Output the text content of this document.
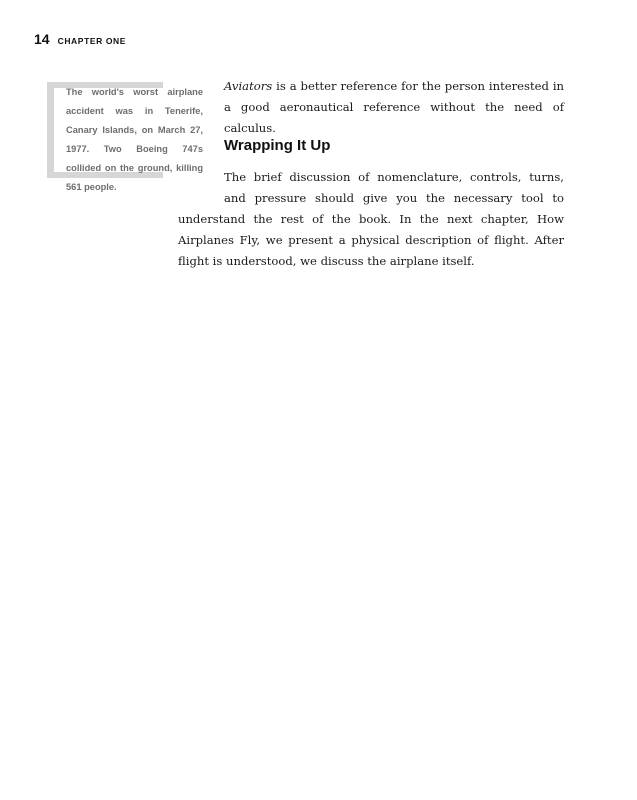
14 CHAPTER ONE

The world's worst airplane accident was in Tenerife, Canary Islands, on March 27, 1977. Two Boeing 747s collided on the ground, killing 561 people.

Aviators is a better reference for the person interested in a good aeronautical reference without the need of calculus.

Wrapping It Up

The brief discussion of nomenclature, controls, turns, and pressure should give you the necessary tool to understand the rest of the book. In the next chapter, How Airplanes Fly, we present a physical description of flight. After flight is understood, we discuss the airplane itself.
